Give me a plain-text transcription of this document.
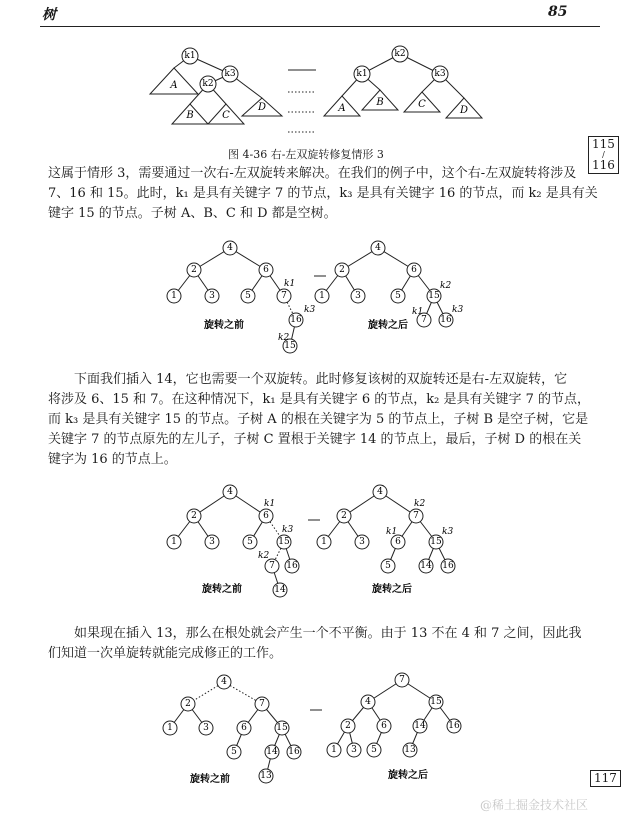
树	85
k1
k3
k2
A
B	C
D
k2
k1	k3
A
B	C
D
图 4-36 右-左双旋转修复情形 3
115
/
116
这属于情形 3，需要通过一次右-左双旋转来解决。在我们的例子中，这个右-左双旋转将涉及
7、16 和 15。此时，k₁ 是具有关键字 7 的节点，k₃ 是具有关键字 16 的节点，而 k₂ 是具有关
键字 15 的节点。子树 A、B、C 和 D 都是空树。
4
2	6
1	3	5	7
16
15
k1
k3
k2
旋转之前
4
2	6
1	3	5	15
7 16
k2
k1	k3
旋转之后
下面我们插入 14，它也需要一个双旋转。此时修复该树的双旋转还是右-左双旋转，它
将涉及 6、15 和 7。在这种情况下，k₁ 是具有关键字 6 的节点，k₂ 是具有关键字 7 的节点，
而 k₃ 是具有关键字 15 的节点。子树 A 的根在关键字为 5 的节点上，子树 B 是空子树，它是
关键字 7 的节点原先的左儿子，子树 C 置根于关键字 14 的节点上，最后，子树 D 的根在关
键字为 16 的节点上。
4
2	6
1	3	5	15
7 16
14
k1
k3
k2
旋转之前
4
2	7
1	3	6	15
5	14 16
k2
k1	k3
旋转之后
如果现在插入 13，那么在根处就会产生一个不平衡。由于 13 不在 4 和 7 之间，因此我
们知道一次单旋转就能完成修正的工作。
4
2	7
1	3	6	15
5	14 16
13
旋转之前
7
4	15
2	6	14	16
1 3 5	13
旋转之后	117
@稀土掘金技术社区
